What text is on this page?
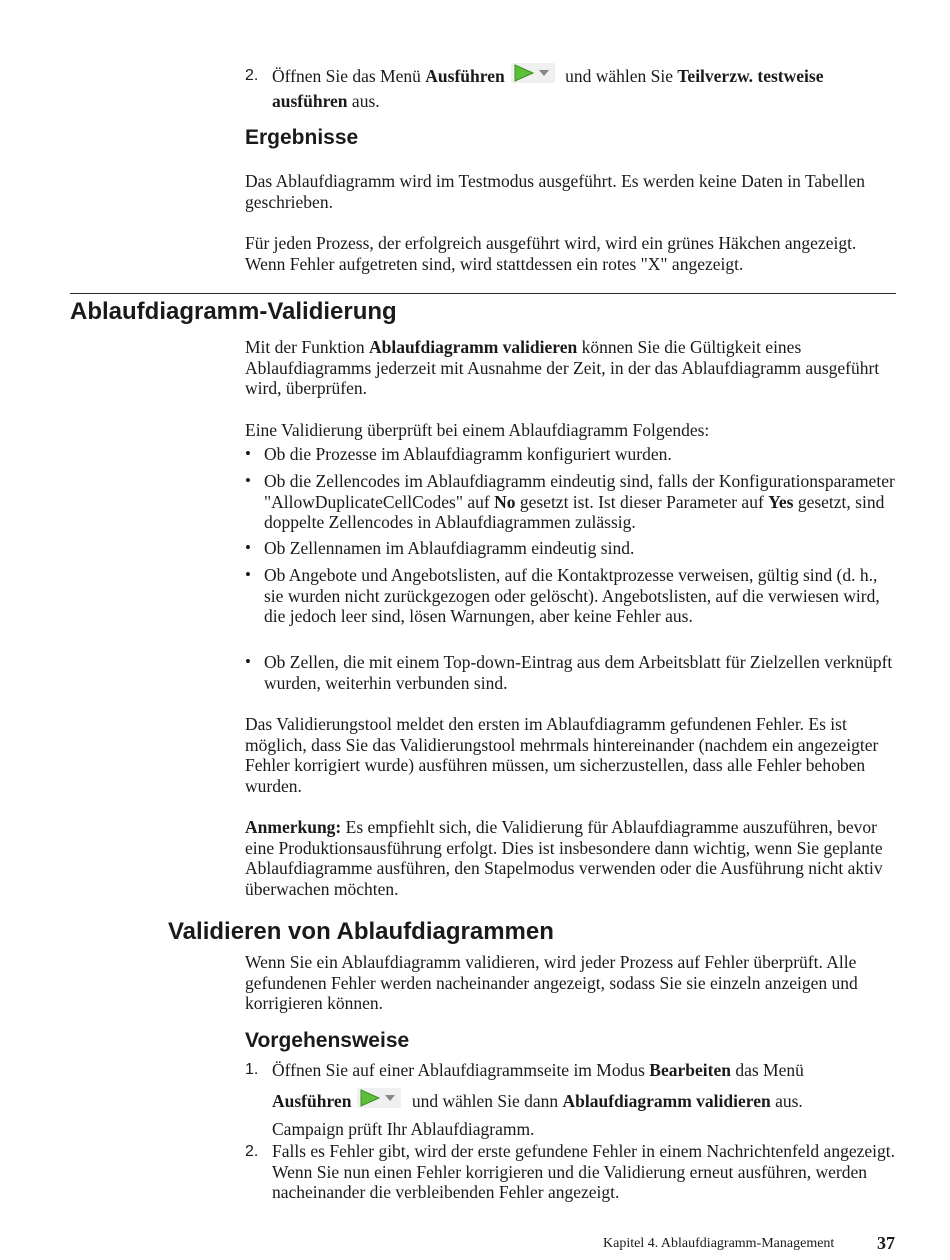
2. Öffnen Sie das Menü Ausführen	und wählen Sie Teilverzw. testweise
ausführen aus.
Ergebnisse

Das Ablaufdiagramm wird im Testmodus ausgeführt. Es werden keine Daten in Tabellen geschrieben.

Für jeden Prozess, der erfolgreich ausgeführt wird, wird ein grünes Häkchen angezeigt. Wenn Fehler aufgetreten sind, wird stattdessen ein rotes "X" angezeigt.

Ablaufdiagramm-Validierung

Mit der Funktion Ablaufdiagramm validieren können Sie die Gültigkeit eines Ablaufdiagramms jederzeit mit Ausnahme der Zeit, in der das Ablaufdiagramm ausgeführt wird, überprüfen.

Eine Validierung überprüft bei einem Ablaufdiagramm Folgendes:

• Ob die Prozesse im Ablaufdiagramm konfiguriert wurden.

• Ob die Zellencodes im Ablaufdiagramm eindeutig sind, falls der Konfigurationsparameter "AllowDuplicateCellCodes" auf No gesetzt ist. Ist dieser Parameter auf Yes gesetzt, sind doppelte Zellencodes in Ablaufdiagrammen zulässig.

• Ob Zellennamen im Ablaufdiagramm eindeutig sind.

• Ob Angebote und Angebotslisten, auf die Kontaktprozesse verweisen, gültig sind (d. h., sie wurden nicht zurückgezogen oder gelöscht). Angebotslisten, auf die verwiesen wird, die jedoch leer sind, lösen Warnungen, aber keine Fehler aus.

• Ob Zellen, die mit einem Top-down-Eintrag aus dem Arbeitsblatt für Zielzellen verknüpft wurden, weiterhin verbunden sind.

Das Validierungstool meldet den ersten im Ablaufdiagramm gefundenen Fehler. Es ist möglich, dass Sie das Validierungstool mehrmals hintereinander (nachdem ein angezeigter Fehler korrigiert wurde) ausführen müssen, um sicherzustellen, dass alle Fehler behoben wurden.

Anmerkung: Es empfiehlt sich, die Validierung für Ablaufdiagramme auszuführen, bevor eine Produktionsausführung erfolgt. Dies ist insbesondere dann wichtig, wenn Sie geplante Ablaufdiagramme ausführen, den Stapelmodus verwenden oder die Ausführung nicht aktiv überwachen möchten.

Validieren von Ablaufdiagrammen

Wenn Sie ein Ablaufdiagramm validieren, wird jeder Prozess auf Fehler überprüft. Alle gefundenen Fehler werden nacheinander angezeigt, sodass Sie sie einzeln anzeigen und korrigieren können.

Vorgehensweise
1. Öffnen Sie auf einer Ablaufdiagrammseite im Modus Bearbeiten das Menü
Ausführen	und wählen Sie dann Ablaufdiagramm validieren aus.
Campaign prüft Ihr Ablaufdiagramm.
2. Falls es Fehler gibt, wird der erste gefundene Fehler in einem Nachrichtenfeld angezeigt. Wenn Sie nun einen Fehler korrigieren und die Validierung erneut ausführen, werden nacheinander die verbleibenden Fehler angezeigt.

Kapitel 4. Ablaufdiagramm-Management 37
